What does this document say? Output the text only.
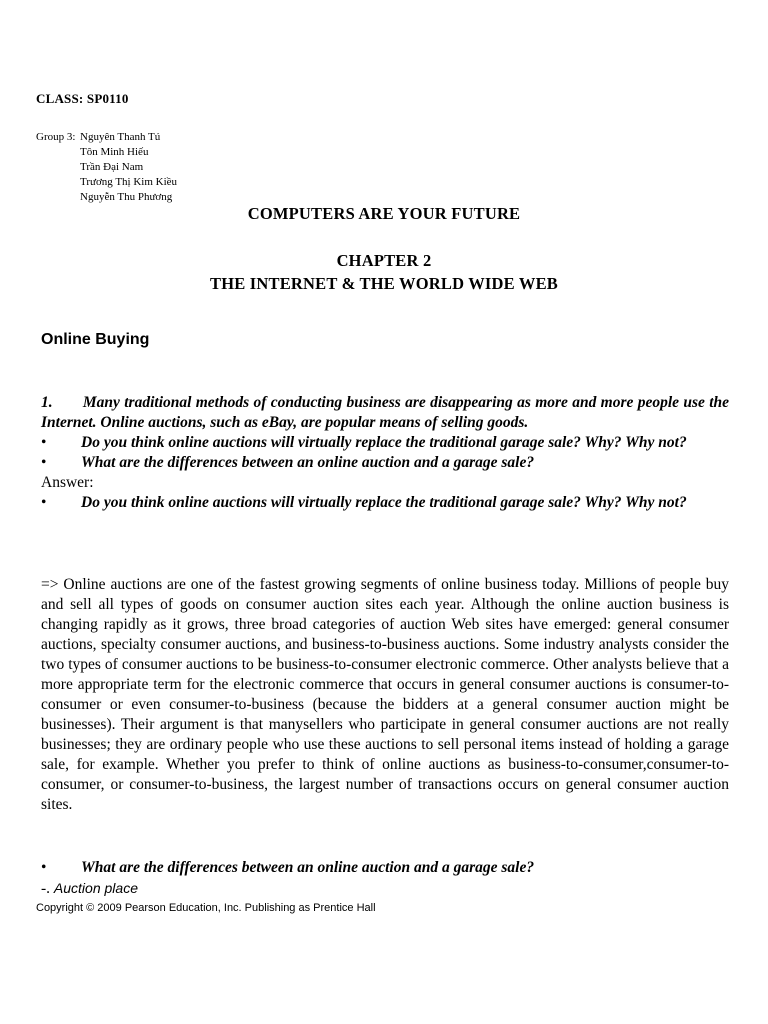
CLASS: SP0110
Group 3: Nguyên Thanh Tú
Tôn Minh Hiếu
Trần Đại Nam
Trương Thị Kim Kiều
Nguyễn Thu Phương
COMPUTERS ARE YOUR FUTURE
CHAPTER 2
THE INTERNET & THE WORLD WIDE WEB
Online Buying
1. Many traditional methods of conducting business are disappearing as more and more people use the Internet. Online auctions, such as eBay, are popular means of selling goods.
• Do you think online auctions will virtually replace the traditional garage sale? Why? Why not?
• What are the differences between an online auction and a garage sale?
Answer:
• Do you think online auctions will virtually replace the traditional garage sale? Why? Why not?
=> Online auctions are one of the fastest growing segments of online business today. Millions of people buy and sell all types of goods on consumer auction sites each year. Although the online auction business is changing rapidly as it grows, three broad categories of auction Web sites have emerged: general consumer auctions, specialty consumer auctions, and business-to-business auctions. Some industry analysts consider the two types of consumer auctions to be business-to-consumer electronic commerce. Other analysts believe that a more appropriate term for the electronic commerce that occurs in general consumer auctions is consumer-to-consumer or even consumer-to-business (because the bidders at a general consumer auction might be businesses). Their argument is that manysellers who participate in general consumer auctions are not really businesses; they are ordinary people who use these auctions to sell personal items instead of holding a garage sale, for example. Whether you prefer to think of online auctions as business-to-consumer,consumer-to-consumer, or consumer-to-business, the largest number of transactions occurs on general consumer auction sites.
• What are the differences between an online auction and a garage sale?
-. Auction place
Copyright © 2009 Pearson Education, Inc. Publishing as Prentice Hall
